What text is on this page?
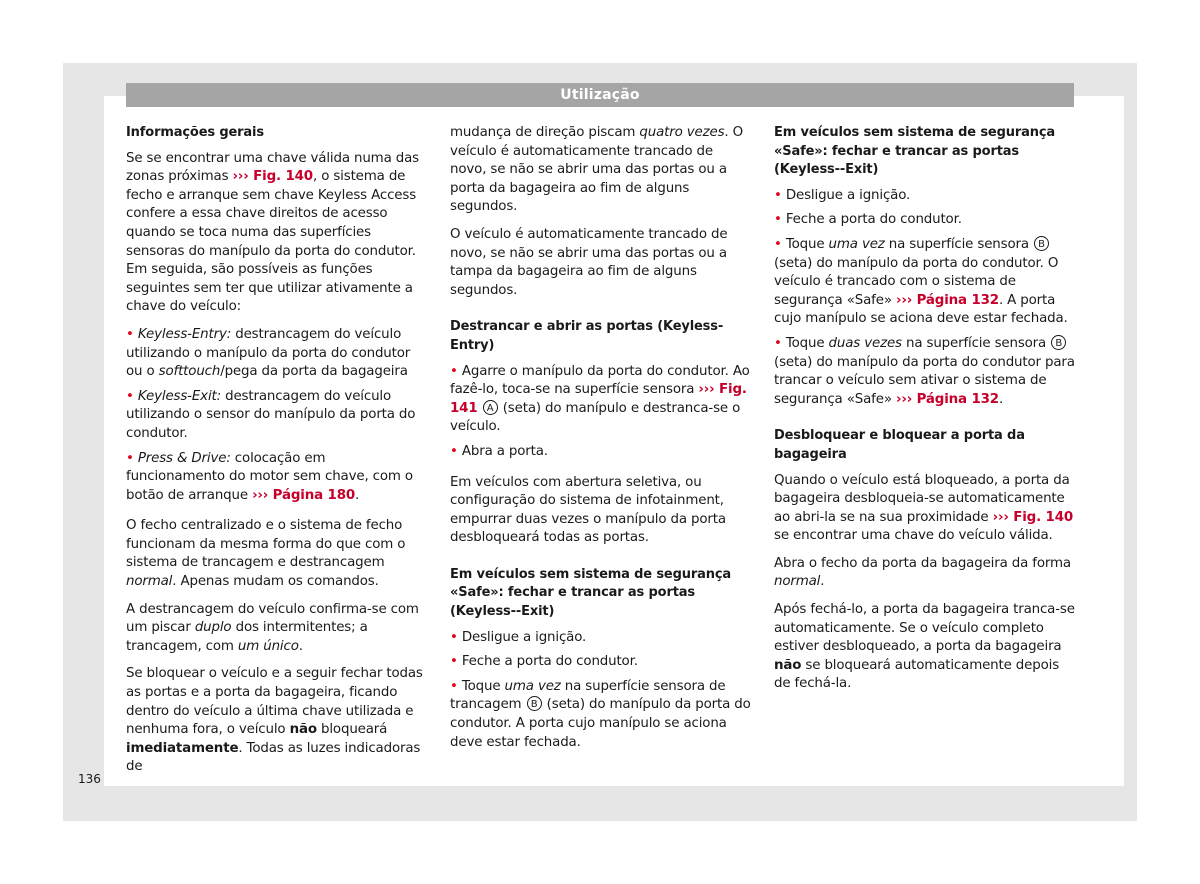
Utilização

Informações gerais

Se se encontrar uma chave válida numa das zonas próximas ››› Fig. 140, o sistema de fecho e arranque sem chave Keyless Access confere a essa chave direitos de acesso quando se toca numa das superfícies sensoras do manípulo da porta do condutor. Em seguida, são possíveis as funções seguintes sem ter que utilizar ativamente a chave do veículo:

• Keyless-Entry: destrancagem do veículo utilizando o manípulo da porta do condutor ou o softtouch/pega da porta da bagageira

• Keyless-Exit: destrancagem do veículo utilizando o sensor do manípulo da porta do condutor.

• Press & Drive: colocação em funcionamento do motor sem chave, com o botão de arranque ››› Página 180.

O fecho centralizado e o sistema de fecho funcionam da mesma forma do que com o sistema de trancagem e destrancagem normal. Apenas mudam os comandos.

A destrancagem do veículo confirma-se com um piscar duplo dos intermitentes; a trancagem, com um único.

Se bloquear o veículo e a seguir fechar todas as portas e a porta da bagageira, ficando dentro do veículo a última chave utilizada e nenhuma fora, o veículo não bloqueará imediatamente. Todas as luzes indicadoras de

mudança de direção piscam quatro vezes. O veículo é automaticamente trancado de novo, se não se abrir uma das portas ou a porta da bagageira ao fim de alguns segundos.

O veículo é automaticamente trancado de novo, se não se abrir uma das portas ou a tampa da bagageira ao fim de alguns segundos.

Destrancar e abrir as portas (Keyless-Entry)

• Agarre o manípulo da porta do condutor. Ao fazê-lo, toca-se na superfície sensora ››› Fig. 141 A (seta) do manípulo e destranca-se o veículo.

• Abra a porta.

Em veículos com abertura seletiva, ou configuração do sistema de infotainment, empurrar duas vezes o manípulo da porta desbloqueará todas as portas.

Em veículos sem sistema de segurança «Safe»: fechar e trancar as portas (Keyless--Exit)

• Desligue a ignição.

• Feche a porta do condutor.

• Toque uma vez na superfície sensora de trancagem B (seta) do manípulo da porta do condutor. A porta cujo manípulo se aciona deve estar fechada.

Em veículos sem sistema de segurança «Safe»: fechar e trancar as portas (Keyless--Exit)

• Desligue a ignição.

• Feche a porta do condutor.

• Toque uma vez na superfície sensora B (seta) do manípulo da porta do condutor. O veículo é trancado com o sistema de segurança «Safe» ››› Página 132. A porta cujo manípulo se aciona deve estar fechada.

• Toque duas vezes na superfície sensora B (seta) do manípulo da porta do condutor para trancar o veículo sem ativar o sistema de segurança «Safe» ››› Página 132.

Desbloquear e bloquear a porta da bagageira

Quando o veículo está bloqueado, a porta da bagageira desbloqueia-se automaticamente ao abri-la se na sua proximidade ››› Fig. 140 se encontrar uma chave do veículo válida.

Abra o fecho da porta da bagageira da forma normal.

Após fechá-lo, a porta da bagageira tranca-se automaticamente. Se o veículo completo estiver desbloqueado, a porta da bagageira não se bloqueará automaticamente depois de fechá-la.

136
